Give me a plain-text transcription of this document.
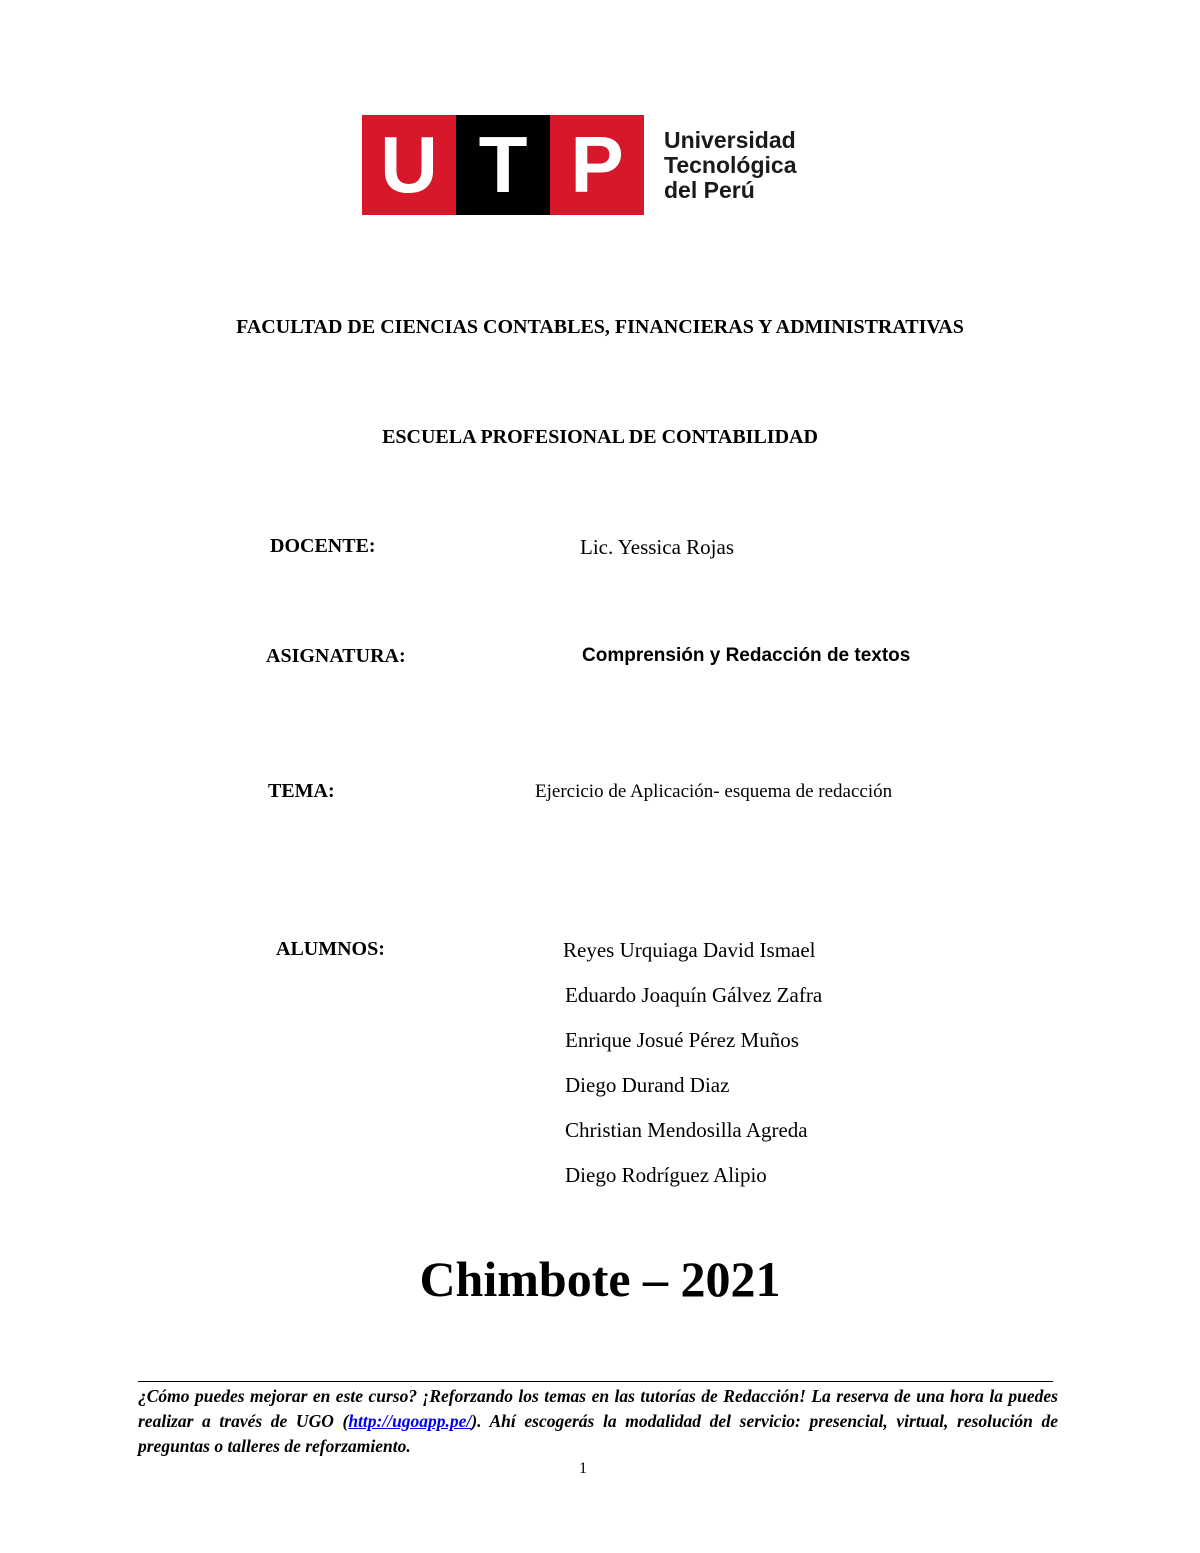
U T P	Universidad
Tecnológica
del Perú
FACULTAD DE CIENCIAS CONTABLES, FINANCIERAS Y ADMINISTRATIVAS
ESCUELA PROFESIONAL DE CONTABILIDAD
DOCENTE:	Lic. Yessica Rojas
ASIGNATURA:	Comprensión y Redacción de textos
TEMA:	Ejercicio de Aplicación- esquema de redacción
ALUMNOS:	Reyes Urquiaga David Ismael
Eduardo Joaquín Gálvez Zafra
Enrique Josué Pérez Muños
Diego Durand Diaz
Christian Mendosilla Agreda
Diego Rodríguez Alipio
Chimbote – 2021
¿Cómo puedes mejorar en este curso? ¡Reforzando los temas en las tutorías de Redacción! La reserva de una hora la puedes realizar a través de UGO (http://ugoapp.pe/). Ahí escogerás la modalidad del servicio: presencial, virtual, resolución de preguntas o talleres de reforzamiento.
1
